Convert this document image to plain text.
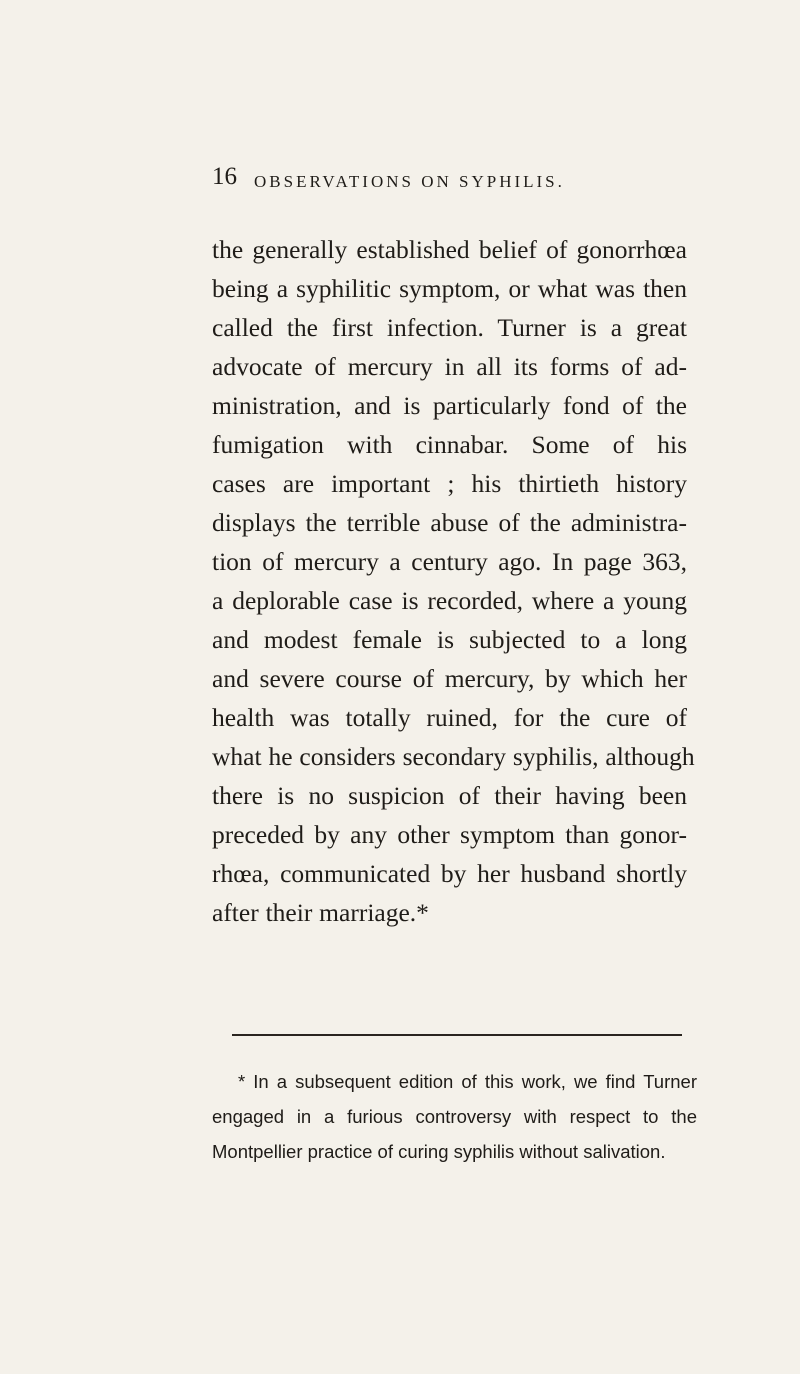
16 OBSERVATIONS ON SYPHILIS.
the generally established belief of gonorrhœa
being a syphilitic symptom, or what was then
called the first infection. Turner is a great
advocate of mercury in all its forms of ad-
ministration, and is particularly fond of the
fumigation with cinnabar. Some of his
cases are important ; his thirtieth history
displays the terrible abuse of the administra-
tion of mercury a century ago. In page 363,
a deplorable case is recorded, where a young
and modest female is subjected to a long
and severe course of mercury, by which her
health was totally ruined, for the cure of
what he considers secondary syphilis, although
there is no suspicion of their having been
preceded by any other symptom than gonor-
rhœa, communicated by her husband shortly
after their marriage.*
* In a subsequent edition of this work, we find Turner
engaged in a furious controversy with respect to the
Montpellier practice of curing syphilis without salivation.
